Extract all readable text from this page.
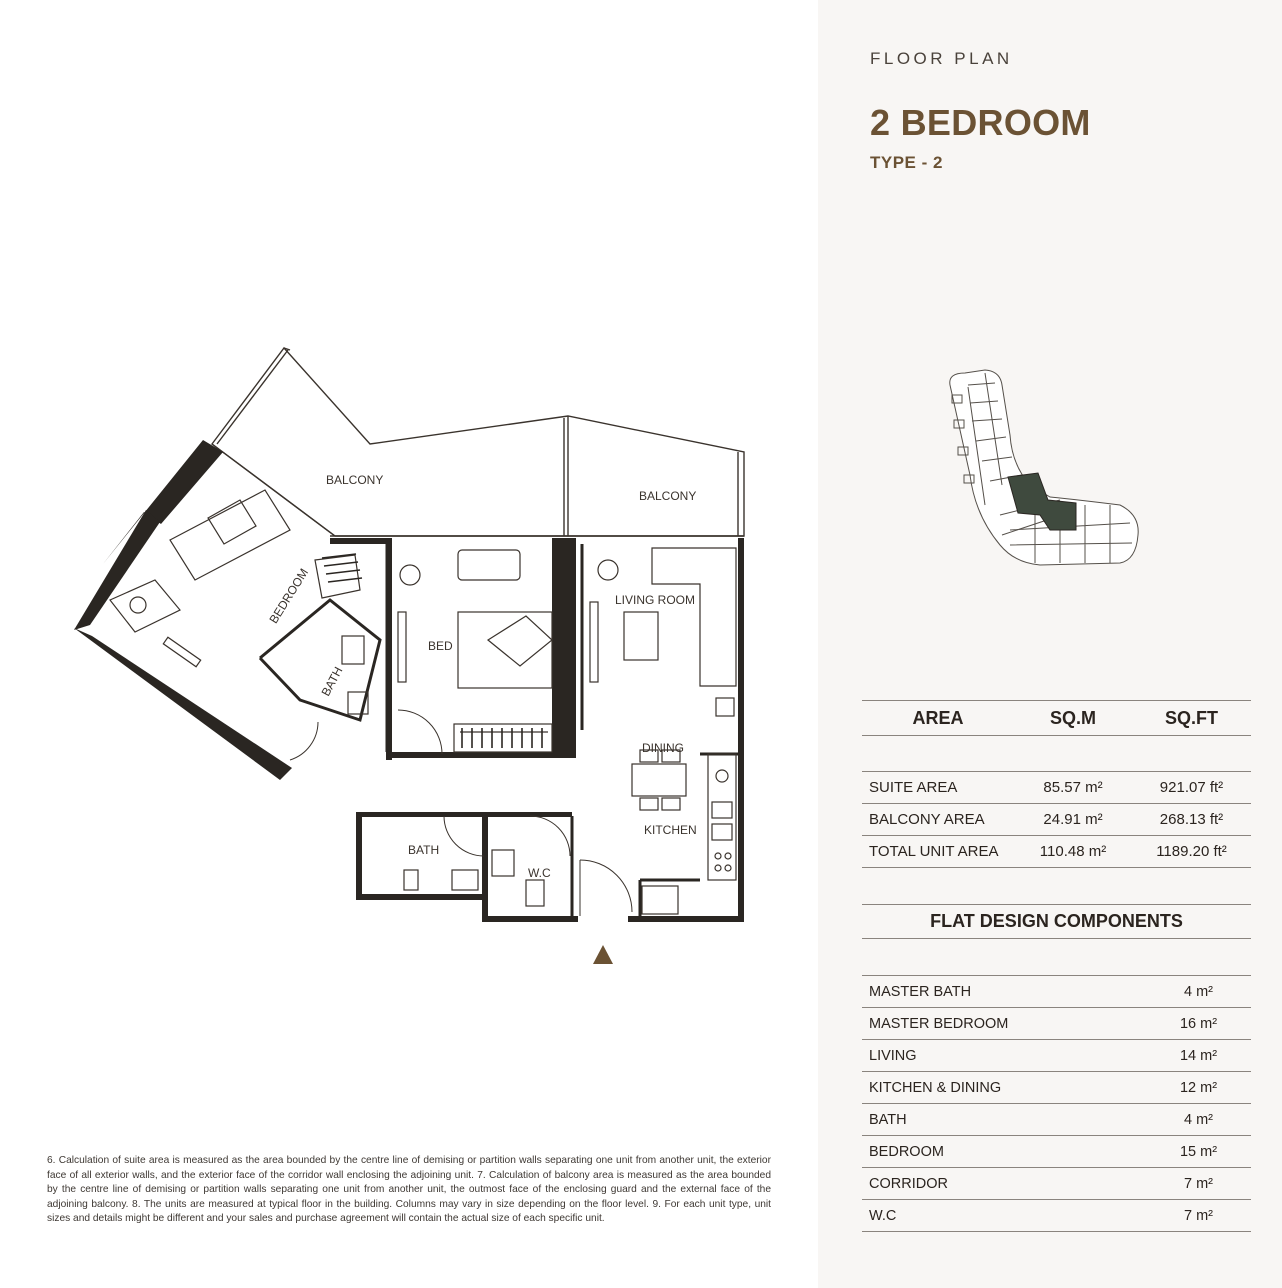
FLOOR PLAN
2 BEDROOM
TYPE - 2
BALCONY
BALCONY
BEDROOM
BATH
BED
LIVING ROOM
DINING
KITCHEN
BATH
W.C
AREA	SQ.M	SQ.FT
SUITE AREA	85.57 m²	921.07 ft²
BALCONY AREA	24.91 m²	268.13 ft²
TOTAL UNIT AREA	110.48 m²	1189.20 ft²
FLAT DESIGN COMPONENTS
MASTER BATH	4 m²
MASTER BEDROOM	16 m²
LIVING	14 m²
KITCHEN & DINING	12 m²
BATH	4 m²
BEDROOM	15 m²
CORRIDOR	7 m²
W.C	7 m²
6. Calculation of suite area is measured as the area bounded by the centre line of demising or partition walls separating one unit from another unit, the exterior face of all exterior walls, and the exterior face of the corridor wall enclosing the adjoining unit. 7. Calculation of balcony area is measured as the area bounded by the centre line of demising or partition walls separating one unit from another unit, the outmost face of the enclosing guard and the external face of the adjoining balcony. 8. The units are measured at typical floor in the building. Columns may vary in size depending on the floor level. 9. For each unit type, unit sizes and details might be different and your sales and purchase agreement will contain the actual size of each specific unit.
